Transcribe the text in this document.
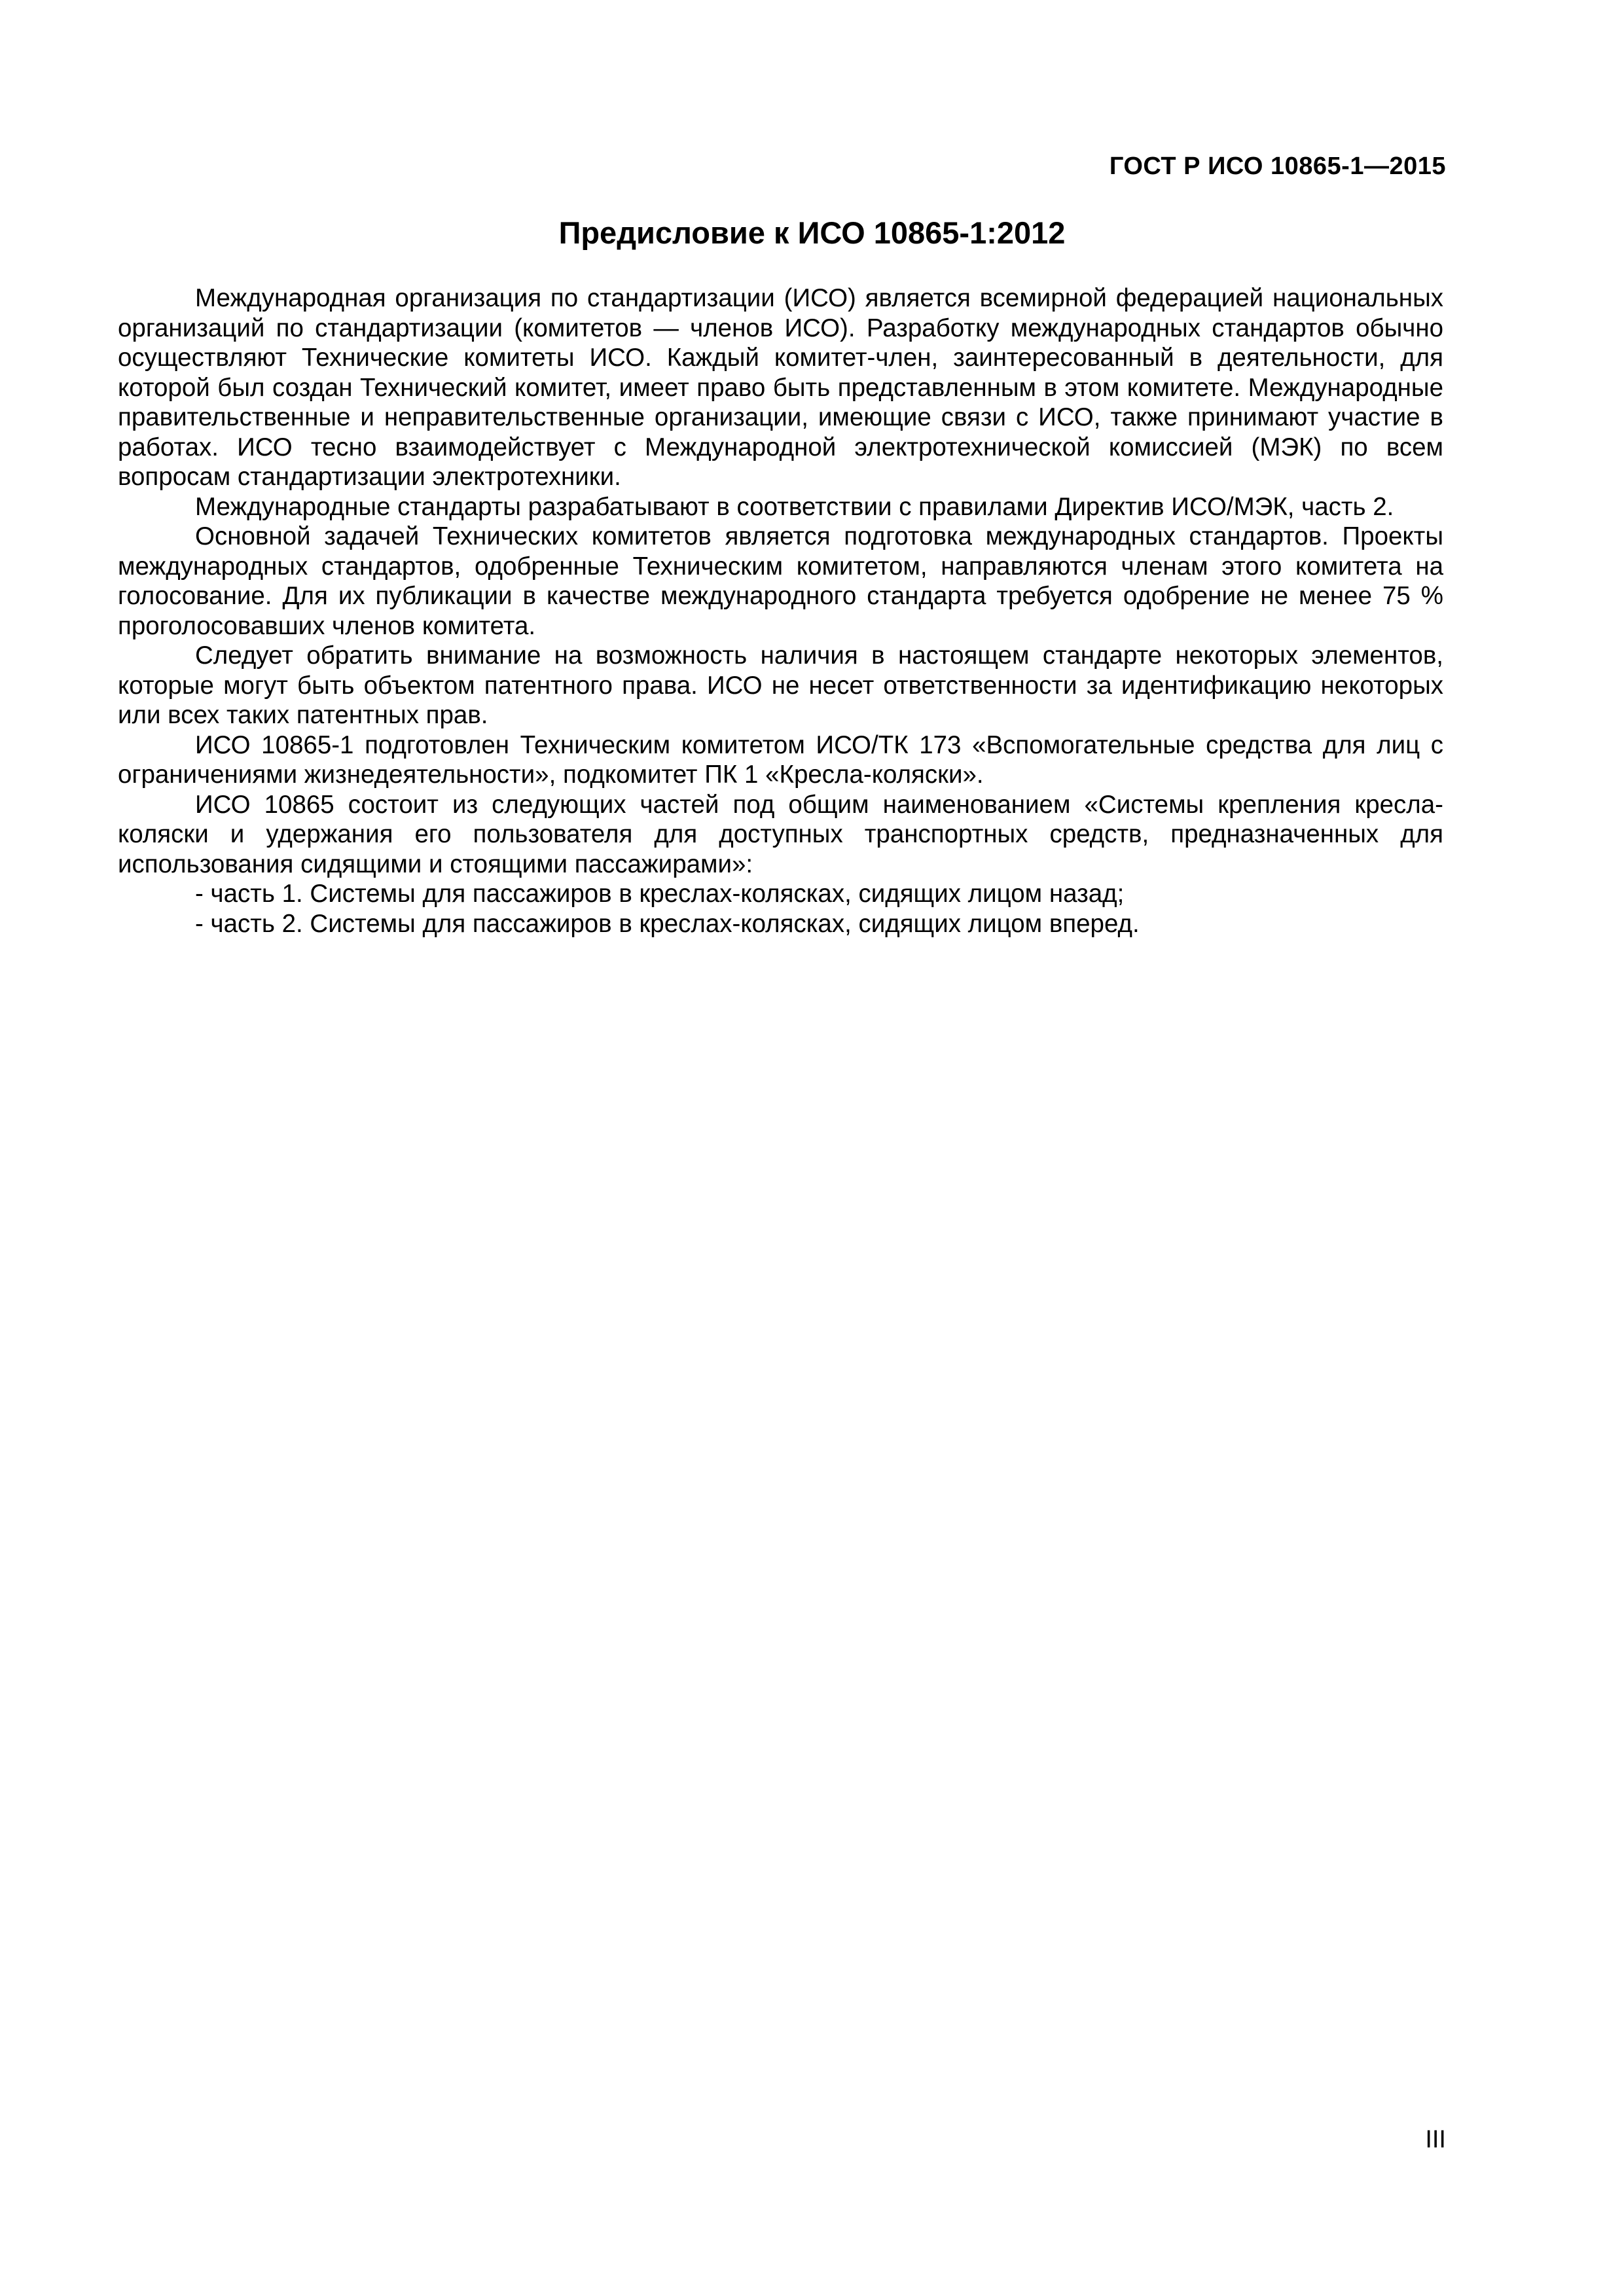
ГОСТ Р ИСО 10865-1—2015
Предисловие к ИСО 10865-1:2012

Международная организация по стандартизации (ИСО) является всемирной федерацией национальных организаций по стандартизации (комитетов — членов ИСО). Разработку международных стандартов обычно осуществляют Технические комитеты ИСО. Каждый комитет-член, заинтересованный в деятельности, для которой был создан Технический комитет, имеет право быть представленным в этом комитете. Международные правительственные и неправительственные организации, имеющие связи с ИСО, также принимают участие в работах. ИСО тесно взаимодействует с Международной электротехнической комиссией (МЭК) по всем вопросам стандартизации электротехники.

Международные стандарты разрабатывают в соответствии с правилами Директив ИСО/МЭК, часть 2.

Основной задачей Технических комитетов является подготовка международных стандартов. Проекты международных стандартов, одобренные Техническим комитетом, направляются членам этого комитета на голосование. Для их публикации в качестве международного стандарта требуется одобрение не менее 75 % проголосовавших членов комитета.

Следует обратить внимание на возможность наличия в настоящем стандарте некоторых элементов, которые могут быть объектом патентного права. ИСО не несет ответственности за идентификацию некоторых или всех таких патентных прав.

ИСО 10865-1 подготовлен Техническим комитетом ИСО/ТК 173 «Вспомогательные средства для лиц с ограничениями жизнедеятельности», подкомитет ПК 1 «Кресла-коляски».

ИСО 10865 состоит из следующих частей под общим наименованием «Системы крепления кресла-коляски и удержания его пользователя для доступных транспортных средств, предназначенных для использования сидящими и стоящими пассажирами»:

- часть 1. Системы для пассажиров в креслах-колясках, сидящих лицом назад;

- часть 2. Системы для пассажиров в креслах-колясках, сидящих лицом вперед.

III
